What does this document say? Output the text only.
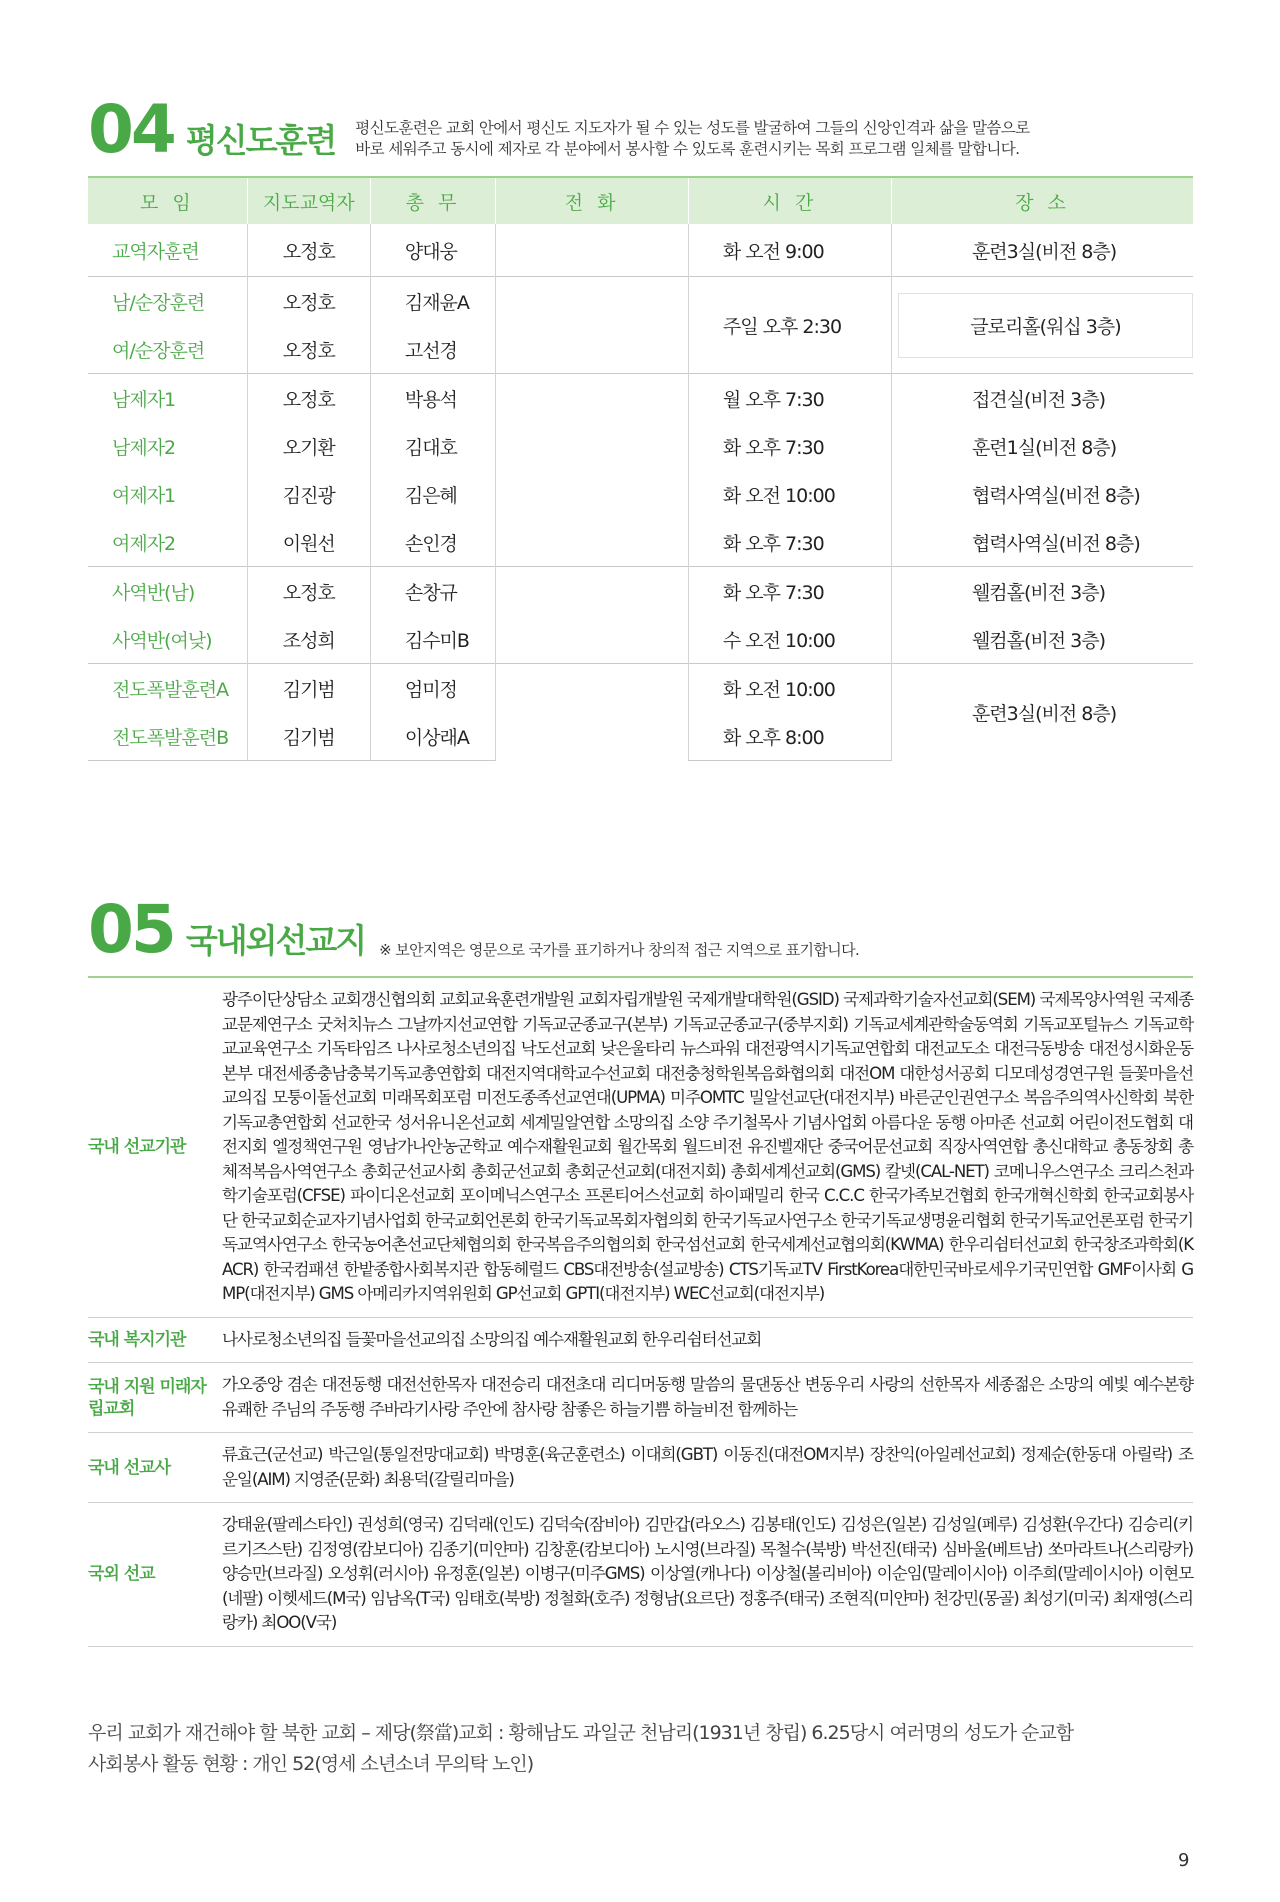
04 평신도훈련 평신도훈련은 교회 안에서 평신도 지도자가 될 수 있는 성도를 발굴하여 그들의 신앙인격과 삶을 말씀으로
바로 세워주고 동시에 제자로 각 분야에서 봉사할 수 있도록 훈련시키는 목회 프로그램 일체를 말합니다.
모 임	지도교역자	총 무	전 화	시 간	장 소
교역자훈련	오정호	양대웅		화 오전 9:00	훈련3실(비전 8층)
남/순장훈련	오정호	김재윤A		주일 오후 2:30	글로리홀(워십 3층)
여/순장훈련	오정호	고선경			
남제자1	오정호	박용석		월 오후 7:30	접견실(비전 3층)
남제자2	오기환	김대호		화 오후 7:30	훈련1실(비전 8층)
여제자1	김진광	김은혜		화 오전 10:00	협력사역실(비전 8층)
여제자2	이원선	손인경		화 오후 7:30	협력사역실(비전 8층)
사역반(남)	오정호	손창규		화 오후 7:30	웰컴홀(비전 3층)
사역반(여낮)	조성희	김수미B		수 오전 10:00	웰컴홀(비전 3층)
전도폭발훈련A	김기범	엄미정		화 오전 10:00	훈련3실(비전 8층)
전도폭발훈련B	김기범	이상래A		화 오후 8:00	
05 국내외선교지 ※ 보안지역은 영문으로 국가를 표기하거나 창의적 접근 지역으로 표기합니다.
국내 선교기관
광주이단상담소 교회갱신협의회 교회교육훈련개발원 교회자립개발원 국제개발대학원(GSID) 국제과학기술자선교회(SEM) 국제목양사역원 국제종교문제연구소 굿처치뉴스 그날까지선교연합 기독교군종교구(본부) 기독교군종교구(중부지회) 기독교세계관학술동역회 기독교포털뉴스 기독교학교교육연구소 기독타임즈 나사로청소년의집 낙도선교회 낮은울타리 뉴스파워 대전광역시기독교연합회 대전교도소 대전극동방송 대전성시화운동본부 대전세종충남충북기독교총연합회 대전지역대학교수선교회 대전충청학원복음화협의회 대전OM 대한성서공회 디모데성경연구원 들꽃마을선교의집 모퉁이돌선교회 미래목회포럼 미전도종족선교연대(UPMA) 미주OMTC 밀알선교단(대전지부) 바른군인권연구소 복음주의역사신학회 북한기독교총연합회 선교한국 성서유니온선교회 세계밀알연합 소망의집 소양 주기철목사 기념사업회 아름다운 동행 아마존 선교회 어린이전도협회 대전지회 엘정책연구원 영남가나안농군학교 예수재활원교회 월간목회 월드비전 유진벨재단 중국어문선교회 직장사역연합 총신대학교 총동창회 총체적복음사역연구소 총회군선교사회 총회군선교회 총회군선교회(대전지회) 총회세계선교회(GMS) 칼넷(CAL-NET) 코메니우스연구소 크리스천과학기술포럼(CFSE) 파이디온선교회 포이메닉스연구소 프론티어스선교회 하이패밀리 한국 C.C.C 한국가족보건협회 한국개혁신학회 한국교회봉사단 한국교회순교자기념사업회 한국교회언론회 한국기독교목회자협의회 한국기독교사연구소 한국기독교생명윤리협회 한국기독교언론포럼 한국기독교역사연구소 한국농어촌선교단체협의회 한국복음주의협의회 한국섬선교회 한국세계선교협의회(KWMA) 한우리쉼터선교회 한국창조과학회(KACR) 한국컴패션 한밭종합사회복지관 합동헤럴드 CBS대전방송(설교방송) CTS기독교TV FirstKorea대한민국바로세우기국민연합 GMF이사회 GMP(대전지부) GMS 아메리카지역위원회 GP선교회 GPTI(대전지부) WEC선교회(대전지부)
국내 복지기관	나사로청소년의집 들꽃마을선교의집 소망의집 예수재활원교회 한우리쉼터선교회
국내 지원 미래자립교회
가오중앙 겸손 대전동행 대전선한목자 대전승리 대전초대 리디머동행 말씀의 물댄동산 변동우리 사랑의 선한목자 세종젊은 소망의 예빛 예수본향 유쾌한 주님의 주동행 주바라기사랑 주안에 참사랑 참좋은 하늘기쁨 하늘비전 함께하는
국내 선교사
류효근(군선교) 박근일(통일전망대교회) 박명훈(육군훈련소) 이대희(GBT) 이동진(대전OM지부) 장찬익(아일레선교회) 정제순(한동대 아릴락) 조운일(AIM) 지영준(문화) 최용덕(갈릴리마을)
국외 선교
강태윤(팔레스타인) 권성희(영국) 김덕래(인도) 김덕숙(잠비아) 김만갑(라오스) 김봉태(인도) 김성은(일본) 김성일(페루) 김성환(우간다) 김승리(키르기즈스탄) 김정영(캄보디아) 김종기(미얀마) 김창훈(캄보디아) 노시영(브라질) 목철수(북방) 박선진(태국) 심바울(베트남) 쏘마라트나(스리랑카) 양승만(브라질) 오성휘(러시아) 유정훈(일본) 이병구(미주GMS) 이상열(캐나다) 이상철(볼리비아) 이순임(말레이시아) 이주희(말레이시아) 이현모(네팔) 이헷세드(M국) 임남옥(T국) 임태호(북방) 정철화(호주) 정형남(요르단) 정홍주(태국) 조현직(미얀마) 천강민(몽골) 최성기(미국) 최재영(스리랑카) 최OO(V국)
우리 교회가 재건해야 할 북한 교회 – 제당(祭當)교회 : 황해남도 과일군 천남리(1931년 창립) 6.25당시 여러명의 성도가 순교함
사회봉사 활동 현황 : 개인 52(영세 소년소녀 무의탁 노인)
9
